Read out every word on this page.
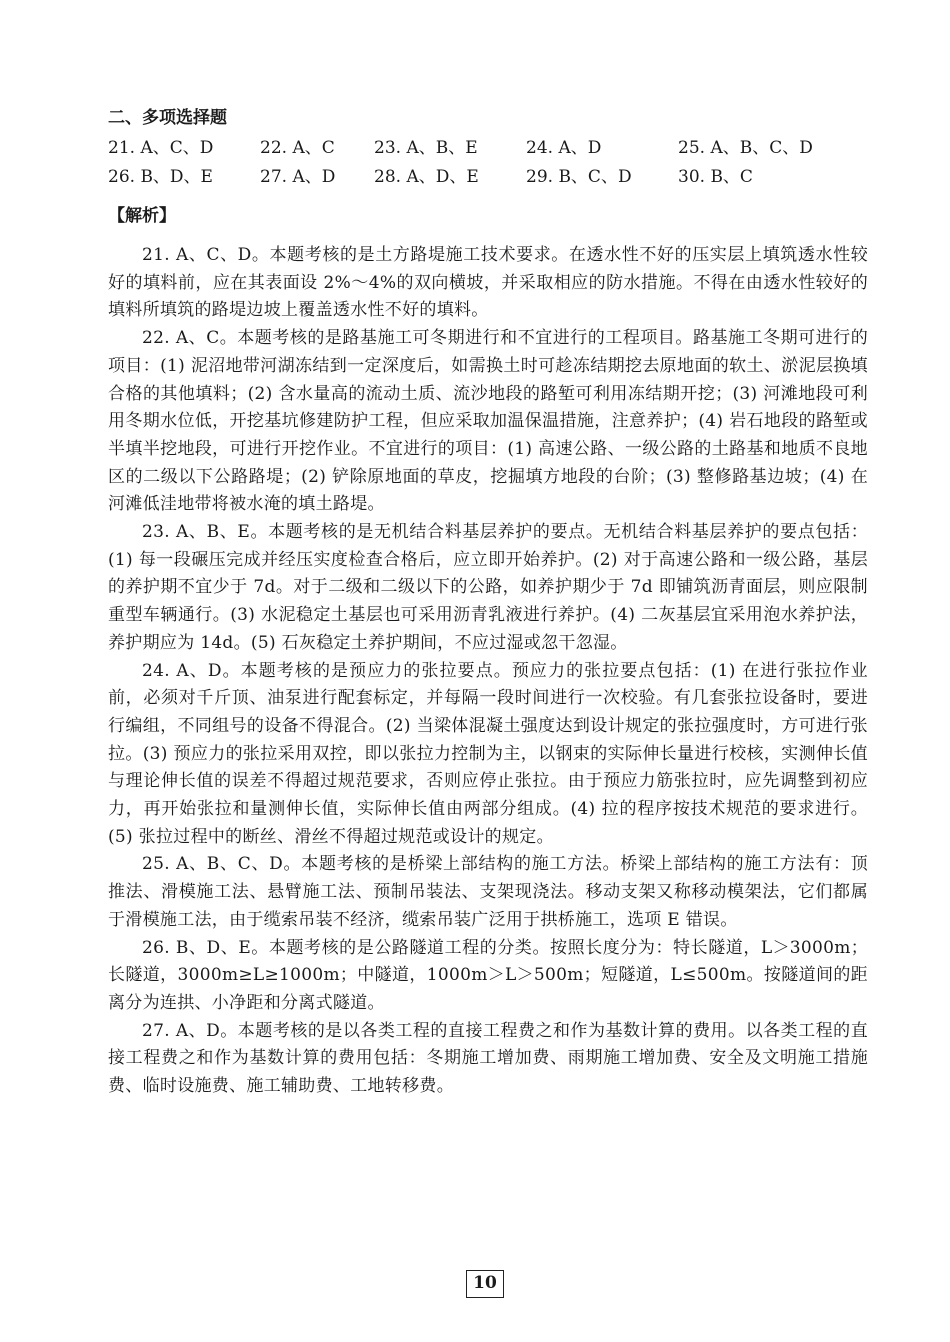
二、多项选择题
21. A、C、D	22. A、C	23. A、B、E	24. A、D	25. A、B、C、D
26. B、D、E	27. A、D	28. A、D、E	29. B、C、D	30. B、C
【解析】

21. A、C、D。本题考核的是土方路堤施工技术要求。在透水性不好的压实层上填筑透水性较好的填料前，应在其表面设 2%～4%的双向横坡，并采取相应的防水措施。不得在由透水性较好的填料所填筑的路堤边坡上覆盖透水性不好的填料。

22. A、C。本题考核的是路基施工可冬期进行和不宜进行的工程项目。路基施工冬期可进行的项目：(1) 泥沼地带河湖冻结到一定深度后，如需换土时可趁冻结期挖去原地面的软土、淤泥层换填合格的其他填料；(2) 含水量高的流动土质、流沙地段的路堑可利用冻结期开挖；(3) 河滩地段可利用冬期水位低，开挖基坑修建防护工程，但应采取加温保温措施，注意养护；(4) 岩石地段的路堑或半填半挖地段，可进行开挖作业。不宜进行的项目：(1) 高速公路、一级公路的土路基和地质不良地区的二级以下公路路堤；(2) 铲除原地面的草皮，挖掘填方地段的台阶；(3) 整修路基边坡；(4) 在河滩低洼地带将被水淹的填土路堤。

23. A、B、E。本题考核的是无机结合料基层养护的要点。无机结合料基层养护的要点包括：(1) 每一段碾压完成并经压实度检查合格后，应立即开始养护。(2) 对于高速公路和一级公路，基层的养护期不宜少于 7d。对于二级和二级以下的公路，如养护期少于 7d 即铺筑沥青面层，则应限制重型车辆通行。(3) 水泥稳定土基层也可采用沥青乳液进行养护。(4) 二灰基层宜采用泡水养护法，养护期应为 14d。(5) 石灰稳定土养护期间，不应过湿或忽干忽湿。

24. A、D。本题考核的是预应力的张拉要点。预应力的张拉要点包括：(1) 在进行张拉作业前，必须对千斤顶、油泵进行配套标定，并每隔一段时间进行一次校验。有几套张拉设备时，要进行编组，不同组号的设备不得混合。(2) 当梁体混凝土强度达到设计规定的张拉强度时，方可进行张拉。(3) 预应力的张拉采用双控，即以张拉力控制为主，以钢束的实际伸长量进行校核，实测伸长值与理论伸长值的误差不得超过规范要求，否则应停止张拉。由于预应力筋张拉时，应先调整到初应力，再开始张拉和量测伸长值，实际伸长值由两部分组成。(4) 拉的程序按技术规范的要求进行。(5) 张拉过程中的断丝、滑丝不得超过规范或设计的规定。

25. A、B、C、D。本题考核的是桥梁上部结构的施工方法。桥梁上部结构的施工方法有：顶推法、滑模施工法、悬臂施工法、预制吊装法、支架现浇法。移动支架又称移动模架法，它们都属于滑模施工法，由于缆索吊装不经济，缆索吊装广泛用于拱桥施工，选项 E 错误。

26. B、D、E。本题考核的是公路隧道工程的分类。按照长度分为：特长隧道，L＞3000m；长隧道，3000m≥L≥1000m；中隧道，1000m＞L＞500m；短隧道，L≤500m。按隧道间的距离分为连拱、小净距和分离式隧道。

27. A、D。本题考核的是以各类工程的直接工程费之和作为基数计算的费用。以各类工程的直接工程费之和作为基数计算的费用包括：冬期施工增加费、雨期施工增加费、安全及文明施工措施费、临时设施费、施工辅助费、工地转移费。

10
